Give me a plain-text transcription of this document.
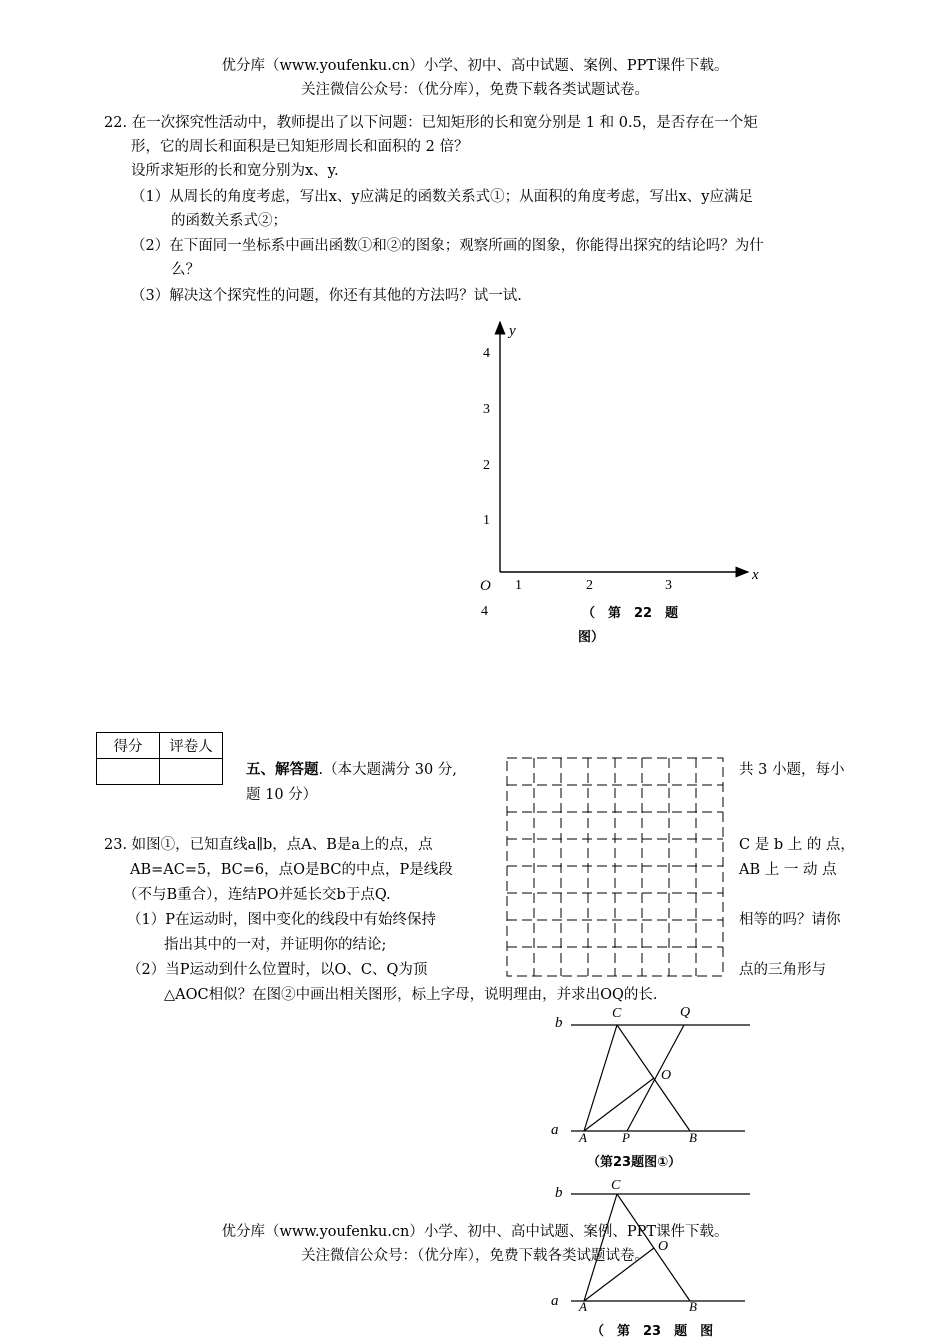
优分库（www.youfenku.cn）小学、初中、高中试题、案例、PPT课件下载。
关注微信公众号：（优分库），免费下载各类试题试卷。
22. 在一次探究性活动中，教师提出了以下问题：已知矩形的长和宽分别是 1 和 0.5，是否存在一个矩
形，它的周长和面积是已知矩形周长和面积的 2 倍？
设所求矩形的长和宽分别为x、y.
（1）从周长的角度考虑，写出x、y应满足的函数关系式①；从面积的角度考虑，写出x、y应满足
的函数关系式②；
（2）在下面同一坐标系中画出函数①和②的图象；观察所画的图象，你能得出探究的结论吗？为什
么？
（3）解决这个探究性的问题，你还有其他的方法吗？试一试.
y
x
O 1	2	3
4
3
2
1
4	（　第　22　题
图）
得分	评卷人

五、解答题.（本大题满分 30 分,	共 3 小题，每小
题 10 分）
23. 如图①，已知直线a∥b，点A、B是a上的点，点	C 是 b 上 的 点，
AB=AC=5，BC=6，点O是BC的中点，P是线段	AB 上 一 动 点
（不与B重合），连结PO并延长交b于点Q.
（1）P在运动时，图中变化的线段中有始终保持	相等的吗？请你
指出其中的一对，并证明你的结论;
（2）当P运动到什么位置时，以O、C、Q为顶	点的三角形与
△AOC相似？在图②中画出相关图形，标上字母，说明理由，并求出OQ的长.
b
a
C	Q
O
A	P	B
（第23题图①）
b
a
C
O
A	B
（　第　23　题　图
优分库（www.youfenku.cn）小学、初中、高中试题、案例、PPT课件下载。
关注微信公众号：（优分库），免费下载各类试题试卷。
